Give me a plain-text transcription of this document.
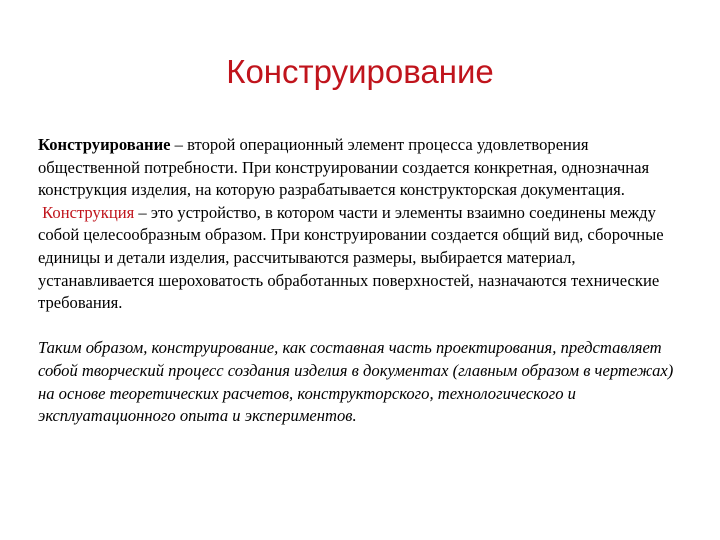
Конструирование

Конструирование – второй операционный элемент процесса удовлетворения общественной потребности. При конструировании создается конкретная, однозначная конструкция изделия, на которую разрабатывается конструкторская документация.

Конструкция – это устройство, в котором части и элементы взаимно соединены между собой целесообразным образом. При конструировании создается общий вид, сборочные единицы и детали изделия, рассчитываются размеры, выбирается материал, устанавливается шероховатость обработанных поверхностей, назначаются технические требования.

Таким образом, конструирование, как составная часть проектирования, представляет собой творческий процесс создания изделия в документах (главным образом в чертежах) на основе теоретических расчетов, конструкторского, технологического и эксплуатационного опыта и экспериментов.
